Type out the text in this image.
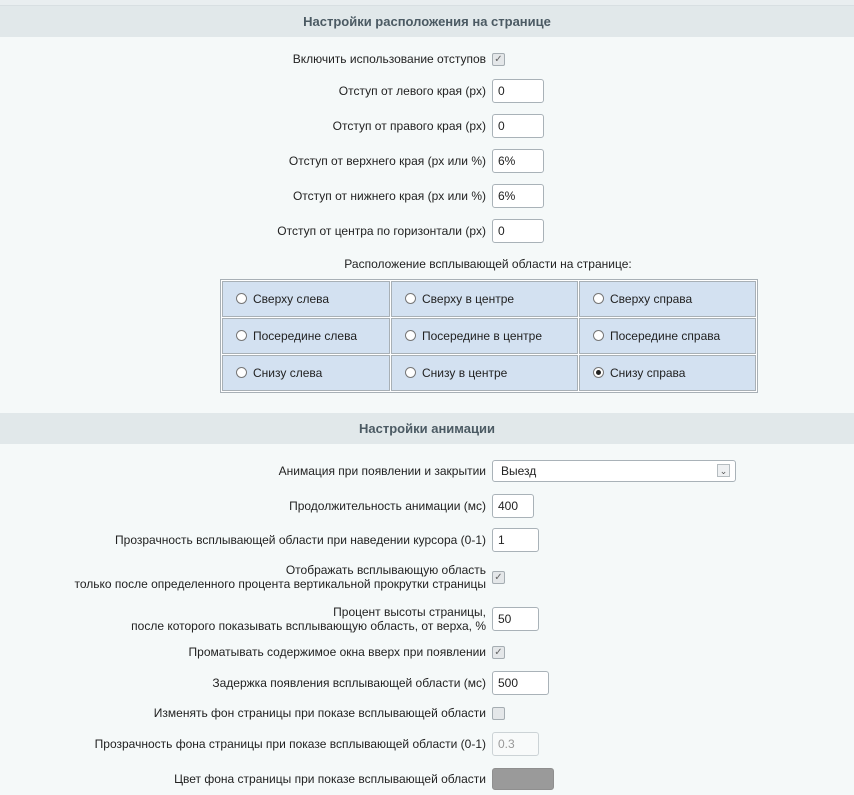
Настройки расположения на странице
Включить использование отступов ✓
Отступ от левого края (px)	0
Отступ от правого края (px)	0
Отступ от верхнего края (px или %)	6%
Отступ от нижнего края (px или %)	6%
Отступ от центра по горизонтали (px)	0
Расположение всплывающей области на странице:
Сверху слева	Сверху в центре	Сверху справа
Посередине слева	Посередине в центре	Посередине справа
Снизу слева	Снизу в центре	Снизу справа
Настройки анимации
Анимация при появлении и закрытии	Выезд	⌄
Продолжительность анимации (мс)	400
Прозрачность всплывающей области при наведении курсора (0-1)	1
Отображать всплывающую область
только после определенного процента вертикальной прокрутки страницы ✓
Процент высоты страницы,
после которого показывать всплывающую область, от верха, %	50
Проматывать содержимое окна вверх при появлении ✓
Задержка появления всплывающей области (мс)	500
Изменять фон страницы при показе всплывающей области
Прозрачность фона страницы при показе всплывающей области (0-1)	0.3
Цвет фона страницы при показе всплывающей области
